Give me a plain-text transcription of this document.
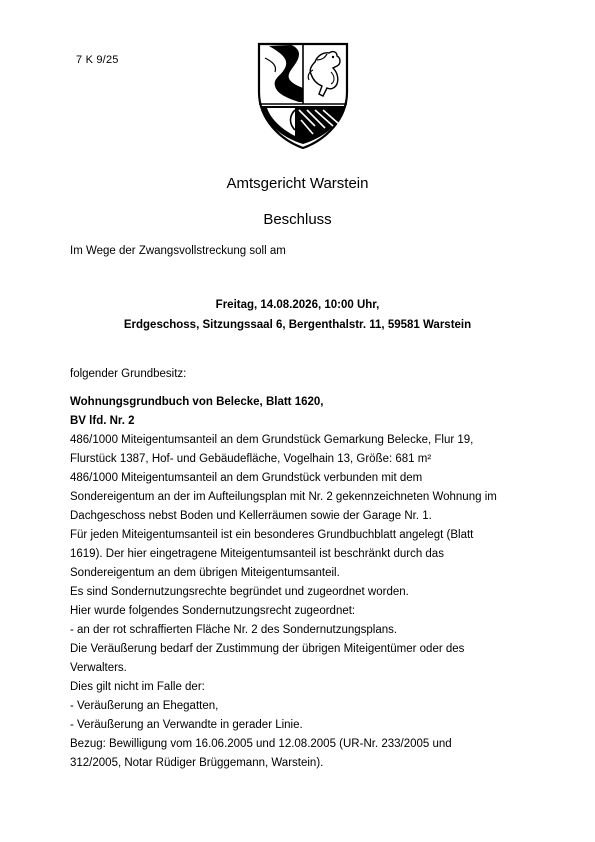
7 K 9/25
Amtsgericht Warstein
Beschluss
Im Wege der Zwangsvollstreckung soll am
Freitag, 14.08.2026, 10:00 Uhr,
Erdgeschoss, Sitzungssaal 6, Bergenthalstr. 11, 59581 Warstein
folgender Grundbesitz:
Wohnungsgrundbuch von Belecke, Blatt 1620,
BV lfd. Nr. 2
486/1000 Miteigentumsanteil an dem Grundstück Gemarkung Belecke, Flur 19,
Flurstück 1387, Hof- und Gebäudefläche, Vogelhain 13, Größe: 681 m²
486/1000 Miteigentumsanteil an dem Grundstück verbunden mit dem
Sondereigentum an der im Aufteilungsplan mit Nr. 2 gekennzeichneten Wohnung im
Dachgeschoss nebst Boden und Kellerräumen sowie der Garage Nr. 1.
Für jeden Miteigentumsanteil ist ein besonderes Grundbuchblatt angelegt (Blatt
1619). Der hier eingetragene Miteigentumsanteil ist beschränkt durch das
Sondereigentum an dem übrigen Miteigentumsanteil.
Es sind Sondernutzungsrechte begründet und zugeordnet worden.
Hier wurde folgendes Sondernutzungsrecht zugeordnet:
- an der rot schraffierten Fläche Nr. 2 des Sondernutzungsplans.
Die Veräußerung bedarf der Zustimmung der übrigen Miteigentümer oder des
Verwalters.
Dies gilt nicht im Falle der:
- Veräußerung an Ehegatten,
- Veräußerung an Verwandte in gerader Linie.
Bezug: Bewilligung vom 16.06.2005 und 12.08.2005 (UR-Nr. 233/2005 und
312/2005, Notar Rüdiger Brüggemann, Warstein).
